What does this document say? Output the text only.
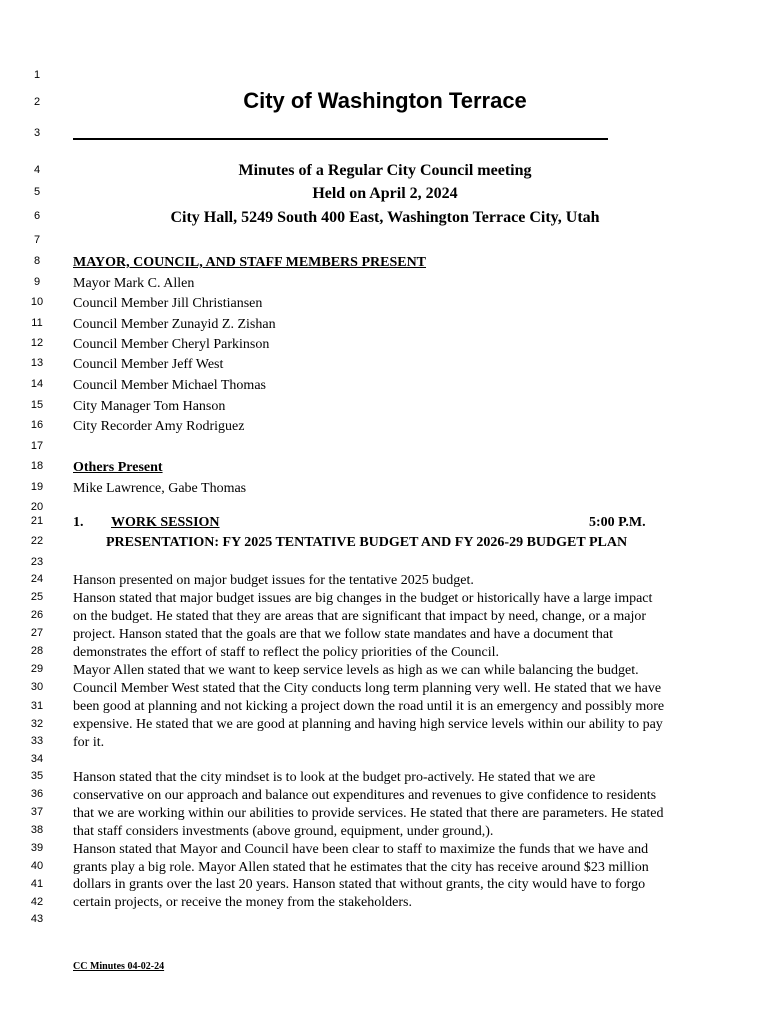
1
2
3
4
5
6
7
8
9
10
11
12
13
14
15
16
17
18
19
20
21
22
23
24
25
26
27
28
29
30
31
32
33
34
35
36
37
38
39
40
41
42
43
City of Washington Terrace
Minutes of a Regular City Council meeting
Held on April 2, 2024
City Hall, 5249 South 400 East, Washington Terrace City, Utah
MAYOR, COUNCIL, AND STAFF MEMBERS PRESENT
Mayor Mark C. Allen
Council Member Jill Christiansen
Council Member Zunayid Z. Zishan
Council Member Cheryl Parkinson
Council Member Jeff West
Council Member Michael Thomas
City Manager Tom Hanson
City Recorder Amy Rodriguez
Others Present
Mike Lawrence, Gabe Thomas
1. WORK SESSION	5:00 P.M.
PRESENTATION: FY 2025 TENTATIVE BUDGET AND FY 2026-29 BUDGET PLAN
Hanson presented on major budget issues for the tentative 2025 budget.
Hanson stated that major budget issues are big changes in the budget or historically have a large impact
on the budget. He stated that they are areas that are significant that impact by need, change, or a major
project. Hanson stated that the goals are that we follow state mandates and have a document that
demonstrates the effort of staff to reflect the policy priorities of the Council.
Mayor Allen stated that we want to keep service levels as high as we can while balancing the budget.
Council Member West stated that the City conducts long term planning very well. He stated that we have
been good at planning and not kicking a project down the road until it is an emergency and possibly more
expensive. He stated that we are good at planning and having high service levels within our ability to pay
for it.
Hanson stated that the city mindset is to look at the budget pro-actively. He stated that we are
conservative on our approach and balance out expenditures and revenues to give confidence to residents
that we are working within our abilities to provide services. He stated that there are parameters. He stated
that staff considers investments (above ground, equipment, under ground,).
Hanson stated that Mayor and Council have been clear to staff to maximize the funds that we have and
grants play a big role. Mayor Allen stated that he estimates that the city has receive around $23 million
dollars in grants over the last 20 years. Hanson stated that without grants, the city would have to forgo
certain projects, or receive the money from the stakeholders.
CC Minutes 04-02-24
